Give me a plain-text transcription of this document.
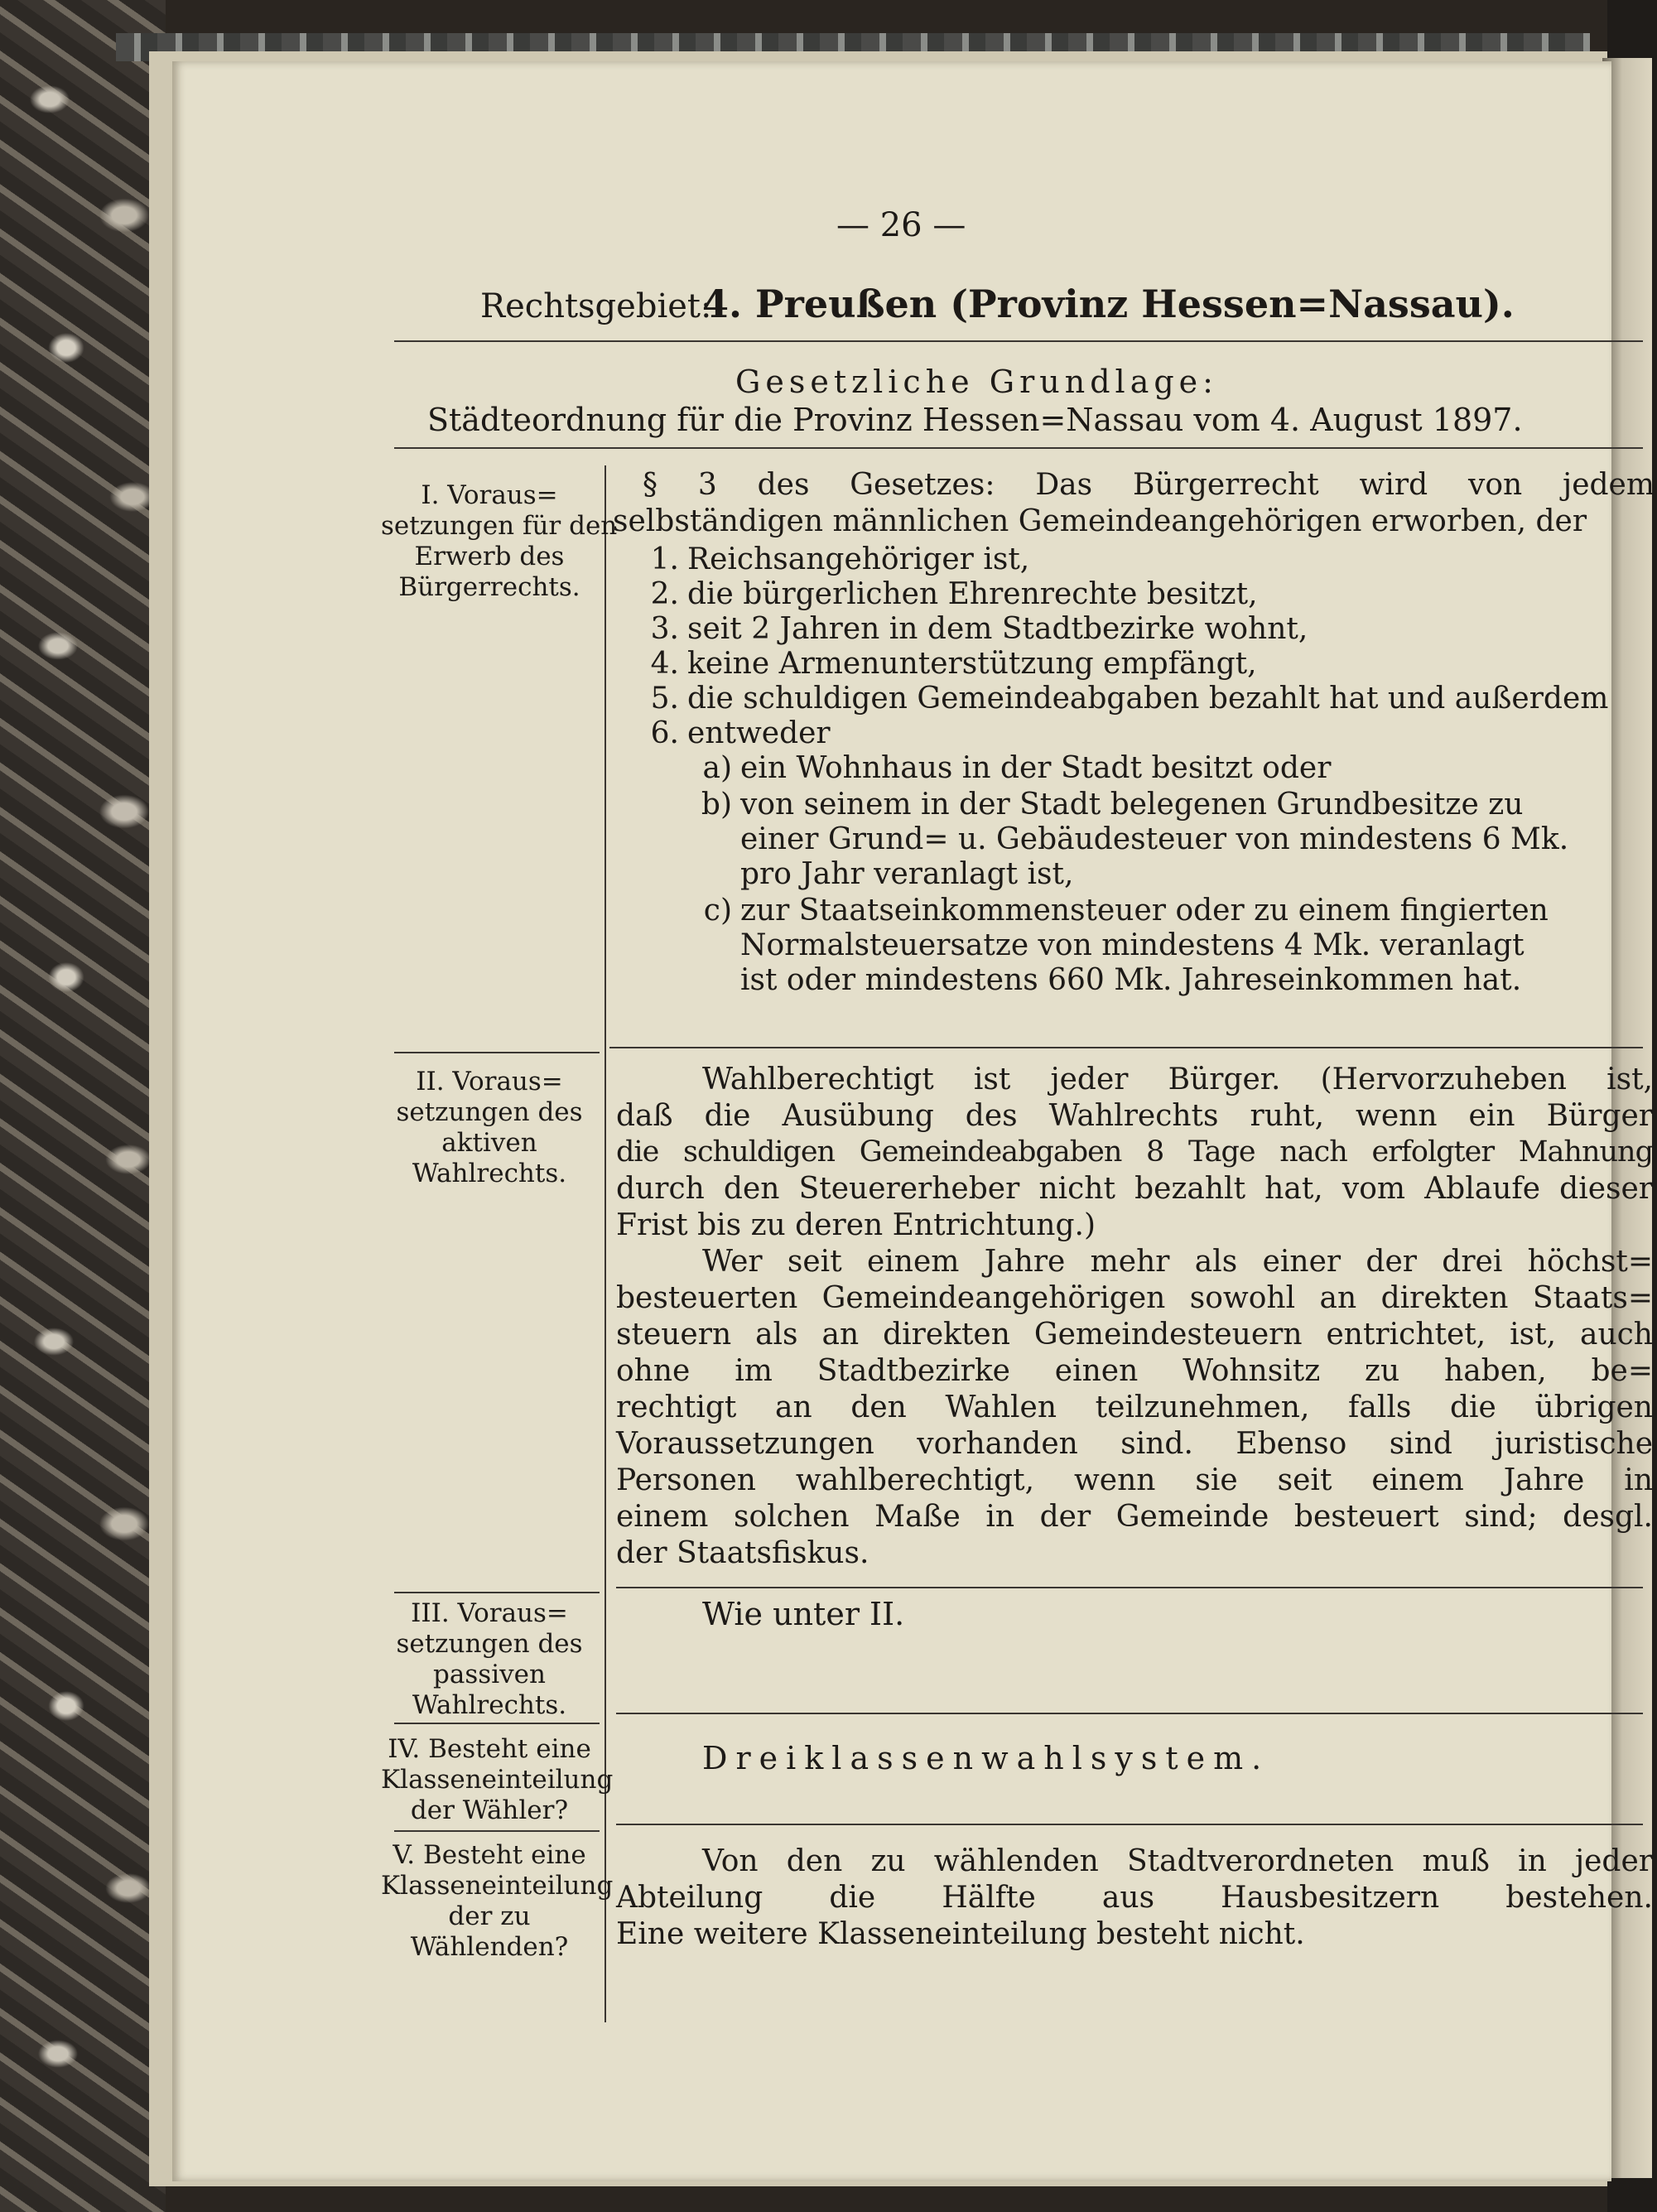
— 26 —
Rechtsgebiet:
4. Preußen (Provinz Hessen=Nassau).
Gesetzliche Grundlage:
Städteordnung für die Provinz Hessen=Nassau vom 4. August 1897.
I. Voraus=
setzungen für den
Erwerb des
Bürgerrechts.
§ 3 des Gesetzes: Das Bürgerrecht wird von jedem
selbständigen männlichen Gemeindeangehörigen erworben, der
1. Reichsangehöriger ist,
2. die bürgerlichen Ehrenrechte besitzt,
3. seit 2 Jahren in dem Stadtbezirke wohnt,
4. keine Armenunterstützung empfängt,
5. die schuldigen Gemeindeabgaben bezahlt hat und außerdem
6. entweder
a) ein Wohnhaus in der Stadt besitzt oder
b) von seinem in der Stadt belegenen Grundbesitze zu
einer Grund= u. Gebäudesteuer von mindestens 6 Mk.
pro Jahr veranlagt ist,
c) zur Staatseinkommensteuer oder zu einem fingierten
Normalsteuersatze von mindestens 4 Mk. veranlagt
ist oder mindestens 660 Mk. Jahreseinkommen hat.
II. Voraus=
setzungen des
aktiven
Wahlrechts.
Wahlberechtigt ist jeder Bürger. (Hervorzuheben ist,
daß die Ausübung des Wahlrechts ruht, wenn ein Bürger
die schuldigen Gemeindeabgaben 8 Tage nach erfolgter Mahnung
durch den Steuererheber nicht bezahlt hat, vom Ablaufe dieser
Frist bis zu deren Entrichtung.)
Wer seit einem Jahre mehr als einer der drei höchst=
besteuerten Gemeindeangehörigen sowohl an direkten Staats=
steuern als an direkten Gemeindesteuern entrichtet, ist, auch
ohne im Stadtbezirke einen Wohnsitz zu haben, be=
rechtigt an den Wahlen teilzunehmen, falls die übrigen
Voraussetzungen vorhanden sind. Ebenso sind juristische
Personen wahlberechtigt, wenn sie seit einem Jahre in
einem solchen Maße in der Gemeinde besteuert sind; desgl.
der Staatsfiskus.
III. Voraus=
setzungen des
passiven
Wahlrechts.
Wie unter II.
IV. Besteht eine
Klasseneinteilung
der Wähler?
Dreiklassenwahlsystem.
V. Besteht eine
Klasseneinteilung
der zu
Wählenden?
Von den zu wählenden Stadtverordneten muß in jeder
Abteilung die Hälfte aus Hausbesitzern bestehen.
Eine weitere Klasseneinteilung besteht nicht.
